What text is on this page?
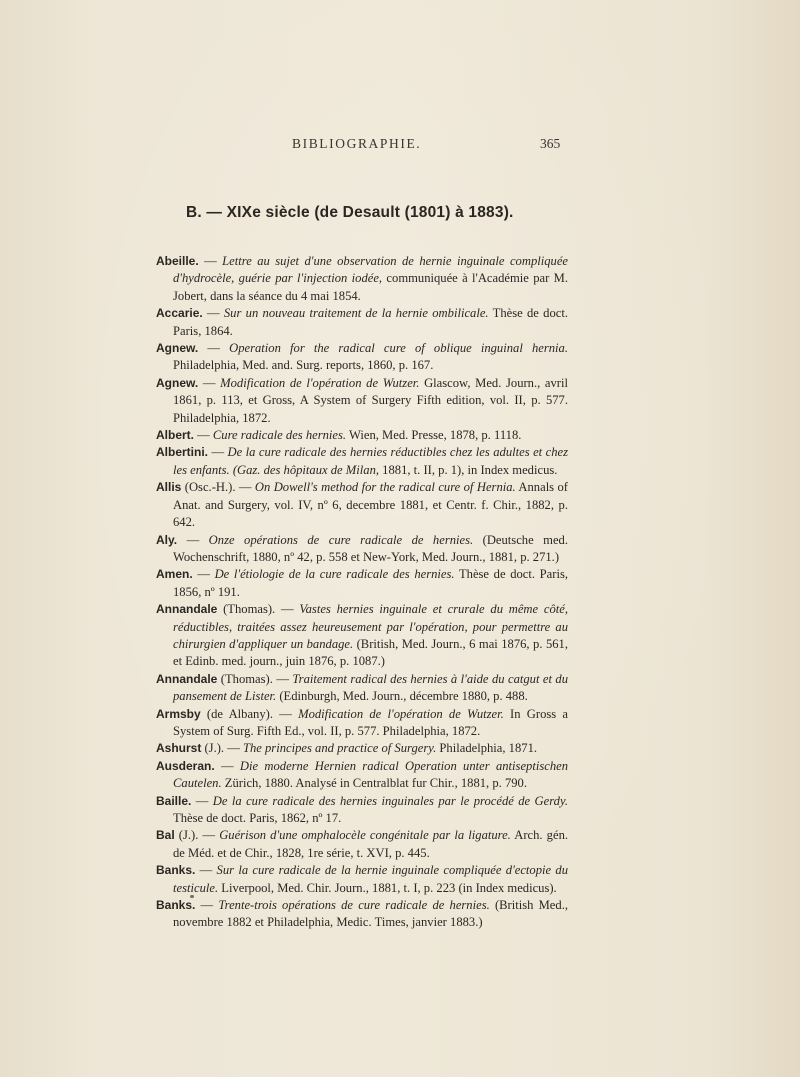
BIBLIOGRAPHIE.	365
B. — XIXe siècle (de Desault (1801) à 1883).

Abeille. — Lettre au sujet d'une observation de hernie inguinale compliquée d'hydrocèle, guérie par l'injection iodée, communiquée à l'Académie par M. Jobert, dans la séance du 4 mai 1854.

Accarie. — Sur un nouveau traitement de la hernie ombilicale. Thèse de doct. Paris, 1864.

Agnew. — Operation for the radical cure of oblique inguinal hernia. Philadelphia, Med. and. Surg. reports, 1860, p. 167.

Agnew. — Modification de l'opération de Wutzer. Glascow, Med. Journ., avril 1861, p. 113, et Gross, A System of Surgery Fifth edition, vol. II, p. 577. Philadelphia, 1872.

Albert. — Cure radicale des hernies. Wien, Med. Presse, 1878, p. 1118.

Albertini. — De la cure radicale des hernies réductibles chez les adultes et chez les enfants. (Gaz. des hôpitaux de Milan, 1881, t. II, p. 1), in Index medicus.

Allis (Osc.-H.). — On Dowell's method for the radical cure of Hernia. Annals of Anat. and Surgery, vol. IV, nº 6, decembre 1881, et Centr. f. Chir., 1882, p. 642.

Aly. — Onze opérations de cure radicale de hernies. (Deutsche med. Wochenschrift, 1880, nº 42, p. 558 et New-York, Med. Journ., 1881, p. 271.)

Amen. — De l'étiologie de la cure radicale des hernies. Thèse de doct. Paris, 1856, nº 191.

Annandale (Thomas). — Vastes hernies inguinale et crurale du même côté, réductibles, traitées assez heureusement par l'opération, pour permettre au chirurgien d'appliquer un bandage. (British, Med. Journ., 6 mai 1876, p. 561, et Edinb. med. journ., juin 1876, p. 1087.)

Annandale (Thomas). — Traitement radical des hernies à l'aide du catgut et du pansement de Lister. (Edinburgh, Med. Journ., décembre 1880, p. 488.

Armsby (de Albany). — Modification de l'opération de Wutzer. In Gross a System of Surg. Fifth Ed., vol. II, p. 577. Philadelphia, 1872.

Ashurst (J.). — The principes and practice of Surgery. Philadelphia, 1871.

Ausderan. — Die moderne Hernien radical Operation unter antiseptischen Cautelen. Zürich, 1880. Analysé in Centralblat fur Chir., 1881, p. 790.

Baille. — De la cure radicale des hernies inguinales par le procédé de Gerdy. Thèse de doct. Paris, 1862, nº 17.

Bal (J.). — Guérison d'une omphalocèle congénitale par la ligature. Arch. gén. de Méd. et de Chir., 1828, 1re série, t. XVI, p. 445.

Banks. — Sur la cure radicale de la hernie inguinale compliquée d'ectopie du testicule. Liverpool, Med. Chir. Journ., 1881, t. I, p. 223 (in Index medicus).

Banks. — Trente-trois opérations de cure radicale de hernies. (British Med., novembre 1882 et Philadelphia, Medic. Times, janvier 1883.)
